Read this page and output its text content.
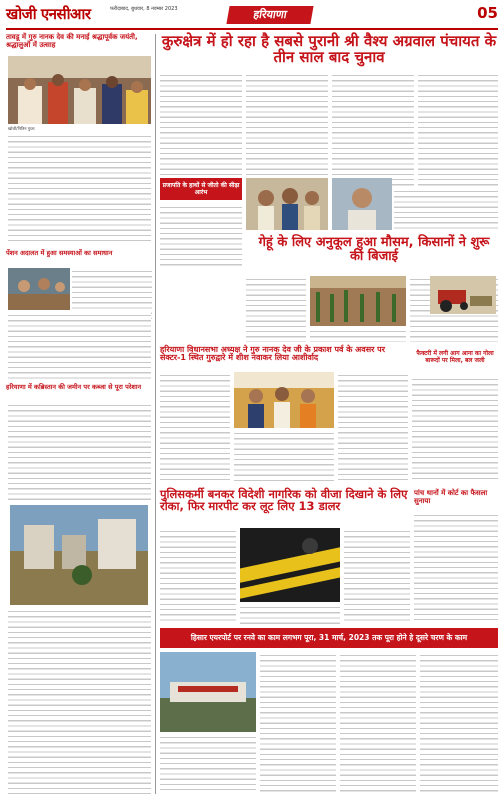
खोजी एनसीआर	फरीदाबाद, बुधवार, 8 नवम्बर 2023	हरियाणा	05
तावडू में गुरु नानक देव की मनाई श्रद्धापूर्वक जयंती, श्रद्धालुओं में उत्साह
खोजी/नितिन गुप्ता
पेंशन अदालत में हुआ समस्याओं का समाधान
हरियाणा में कब्रिस्तान की जमीन पर कब्जा से पूरा परेशान
कुरुक्षेत्र में हो रहा है सबसे पुरानी श्री वैश्य अग्रवाल पंचायत के तीन साल बाद चुनाव
प्रजापति के हाथों से जीतो की सीढ़ा आरंभ
गेहूं के लिए अनुकूल हुआ मौसम, किसानों ने शुरू की बिजाई
हरियाणा विधानसभा अध्यक्ष ने गुरु नानक देव जी के प्रकाश पर्व के अवसर पर सेक्टर-1 स्थित गुरुद्वारे में शीश नवाकर लिया आशीर्वाद	फैक्टरी में लगी आग आना का गोला बारूदों पर मिला, बल जली
पुलिसकर्मी बनकर विदेशी नागरिक को वीजा दिखाने के लिए रोका, फिर मारपीट कर लूट लिए 13 डालर
पांच थानों में कोर्ट का फैसला सुनाया
हिसार एयरपोर्ट पर रनवे का काम लगभग पूरा, 31 मार्च, 2023 तक पूरा होने हे दूसरे चरण के काम
